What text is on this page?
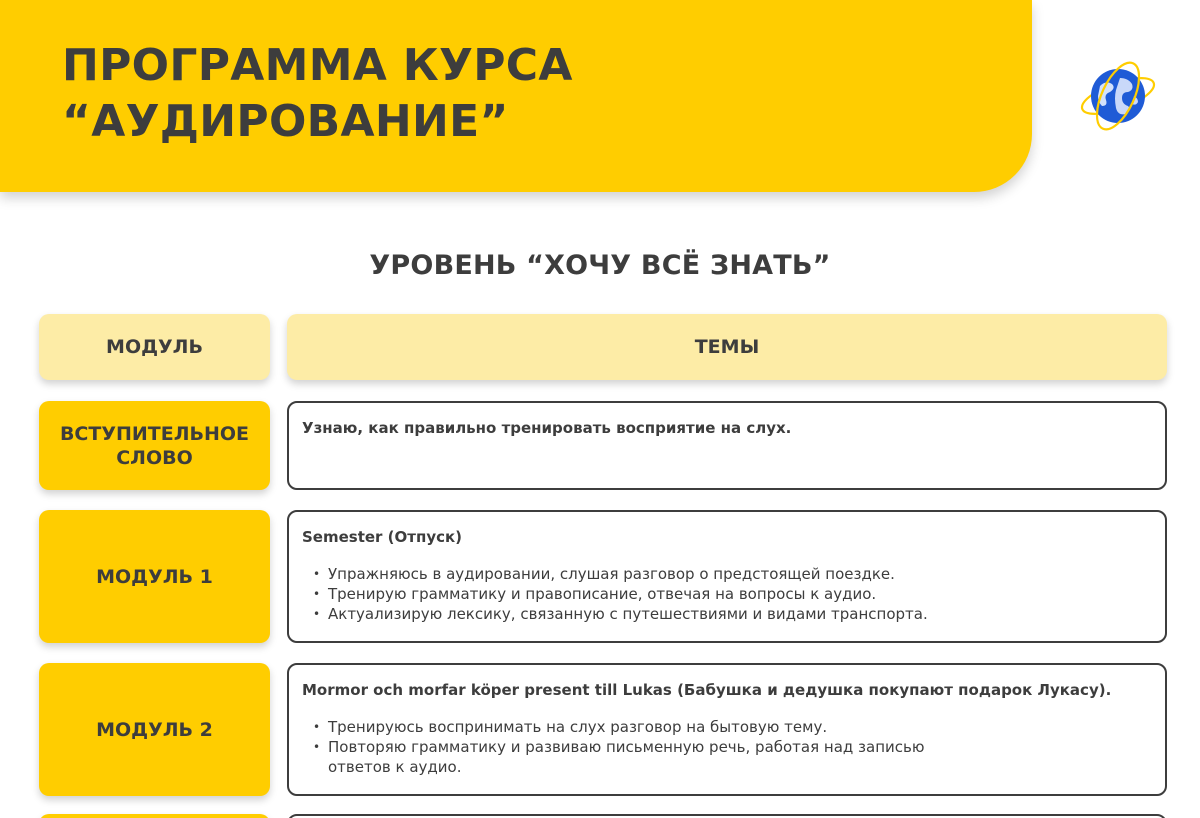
ПРОГРАММА КУРСА
“АУДИРОВАНИЕ”
УРОВЕНЬ “ХОЧУ ВСЁ ЗНАТЬ”
МОДУЛЬ	ТЕМЫ
ВСТУПИТЕЛЬНОЕ СЛОВО
Узнаю, как правильно тренировать восприятие на слух.
МОДУЛЬ 1
Semester (Отпуск)
• Упражняюсь в аудировании, слушая разговор о предстоящей поездке.
• Тренирую грамматику и правописание, отвечая на вопросы к аудио.
• Актуализирую лексику, связанную с путешествиями и видами транспорта.
МОДУЛЬ 2
Mormor och morfar köper present till Lukas (Бабушка и дедушка покупают подарок Лукасу).
• Тренируюсь воспринимать на слух разговор на бытовую тему.
• Повторяю грамматику и развиваю письменную речь, работая над записью
ответов к аудио.
